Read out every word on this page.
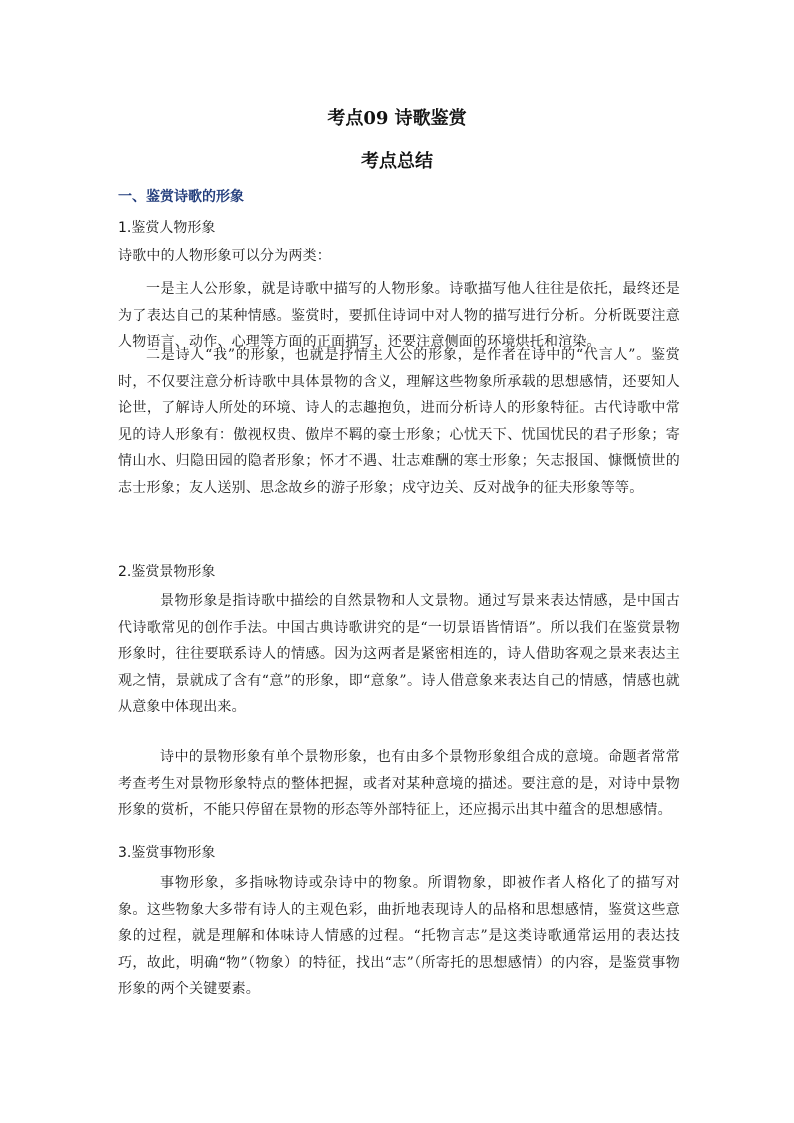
考点09 诗歌鉴赏
考点总结
一、鉴赏诗歌的形象

1.鉴赏人物形象

诗歌中的人物形象可以分为两类：

一是主人公形象，就是诗歌中描写的人物形象。诗歌描写他人往往是依托，最终还是为了表达自己的某种情感。鉴赏时，要抓住诗词中对人物的描写进行分析。分析既要注意人物语言、动作、心理等方面的正面描写，还要注意侧面的环境烘托和渲染。

二是诗人“我”的形象，也就是抒情主人公的形象，是作者在诗中的“代言人”。鉴赏时，不仅要注意分析诗歌中具体景物的含义，理解这些物象所承载的思想感情，还要知人论世，了解诗人所处的环境、诗人的志趣抱负，进而分析诗人的形象特征。古代诗歌中常见的诗人形象有：傲视权贵、傲岸不羁的豪士形象；心忧天下、忧国忧民的君子形象；寄情山水、归隐田园的隐者形象；怀才不遇、壮志难酬的寒士形象；矢志报国、慷慨愤世的志士形象；友人送别、思念故乡的游子形象；戍守边关、反对战争的征夫形象等等。

2.鉴赏景物形象

景物形象是指诗歌中描绘的自然景物和人文景物。通过写景来表达情感，是中国古代诗歌常见的创作手法。中国古典诗歌讲究的是“一切景语皆情语”。所以我们在鉴赏景物形象时，往往要联系诗人的情感。因为这两者是紧密相连的，诗人借助客观之景来表达主观之情，景就成了含有“意”的形象，即“意象”。诗人借意象来表达自己的情感，情感也就从意象中体现出来。

诗中的景物形象有单个景物形象，也有由多个景物形象组合成的意境。命题者常常考查考生对景物形象特点的整体把握，或者对某种意境的描述。要注意的是，对诗中景物形象的赏析，不能只停留在景物的形态等外部特征上，还应揭示出其中蕴含的思想感情。

3.鉴赏事物形象

事物形象，多指咏物诗或杂诗中的物象。所谓物象，即被作者人格化了的描写对象。这些物象大多带有诗人的主观色彩，曲折地表现诗人的品格和思想感情，鉴赏这些意象的过程，就是理解和体味诗人情感的过程。“托物言志”是这类诗歌通常运用的表达技巧，故此，明确“物”（物象）的特征，找出“志”（所寄托的思想感情）的内容，是鉴赏事物形象的两个关键要素。
